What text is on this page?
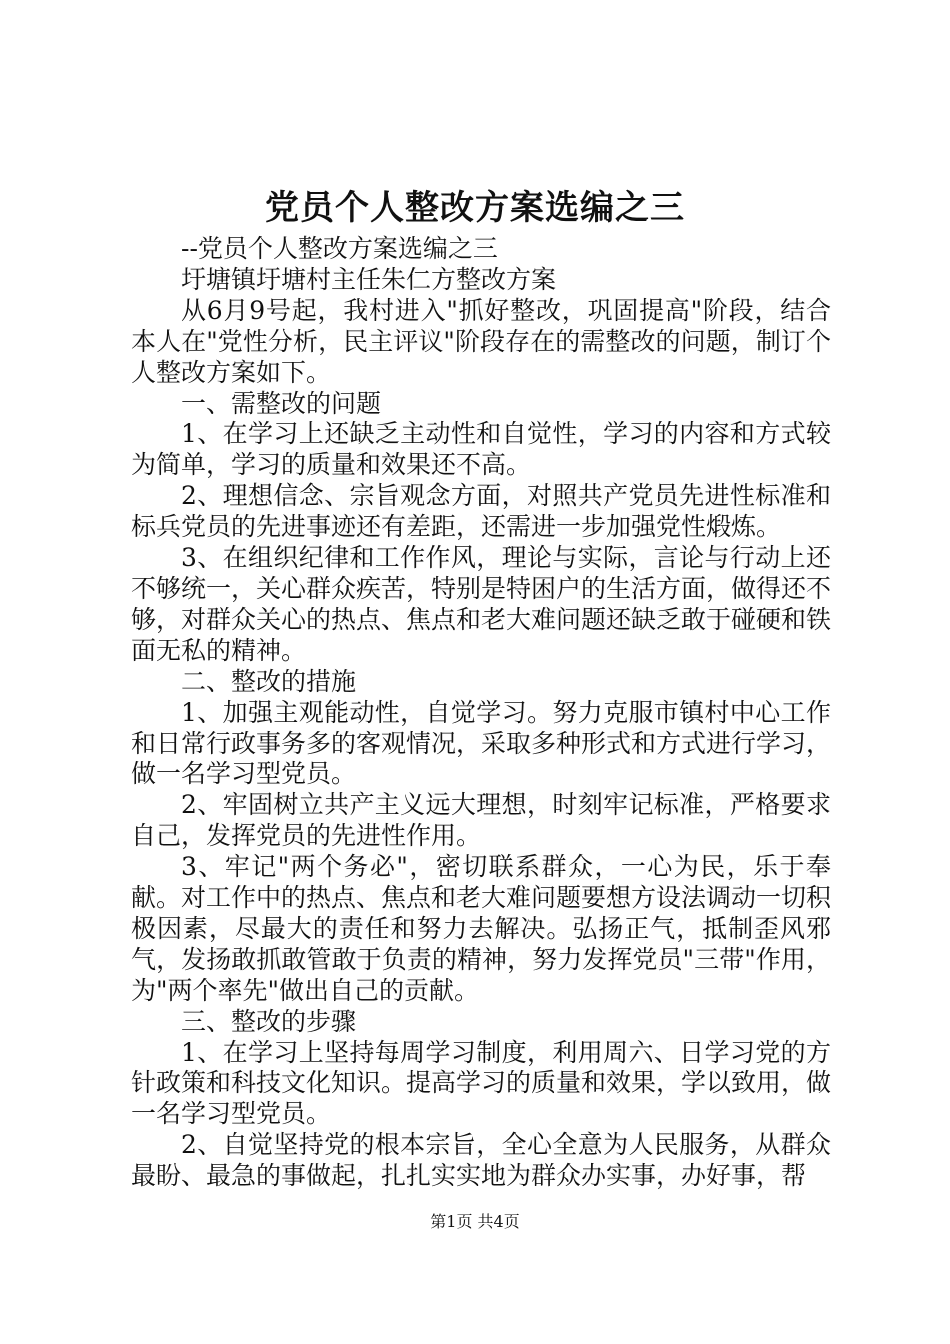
党员个人整改方案选编之三

--党员个人整改方案选编之三

圩塘镇圩塘村主任朱仁方整改方案

从6月9号起，我村进入"抓好整改，巩固提高"阶段，结合本人在"党性分析，民主评议"阶段存在的需整改的问题，制订个人整改方案如下。

一、需整改的问题

1、在学习上还缺乏主动性和自觉性，学习的内容和方式较为简单，学习的质量和效果还不高。

2、理想信念、宗旨观念方面，对照共产党员先进性标准和标兵党员的先进事迹还有差距，还需进一步加强党性煅炼。

3、在组织纪律和工作作风，理论与实际，言论与行动上还不够统一，关心群众疾苦，特别是特困户的生活方面，做得还不够，对群众关心的热点、焦点和老大难问题还缺乏敢于碰硬和铁面无私的精神。

二、整改的措施

1、加强主观能动性，自觉学习。努力克服市镇村中心工作和日常行政事务多的客观情况，采取多种形式和方式进行学习，做一名学习型党员。

2、牢固树立共产主义远大理想，时刻牢记标准，严格要求自己，发挥党员的先进性作用。

3、牢记"两个务必"，密切联系群众，一心为民，乐于奉献。对工作中的热点、焦点和老大难问题要想方设法调动一切积极因素，尽最大的责任和努力去解决。弘扬正气，抵制歪风邪气，发扬敢抓敢管敢于负责的精神，努力发挥党员"三带"作用，为"两个率先"做出自己的贡献。

三、整改的步骤

1、在学习上坚持每周学习制度，利用周六、日学习党的方针政策和科技文化知识。提高学习的质量和效果，学以致用，做一名学习型党员。

2、自觉坚持党的根本宗旨，全心全意为人民服务，从群众最盼、最急的事做起，扎扎实实地为群众办实事，办好事，帮

第1页 共4页
